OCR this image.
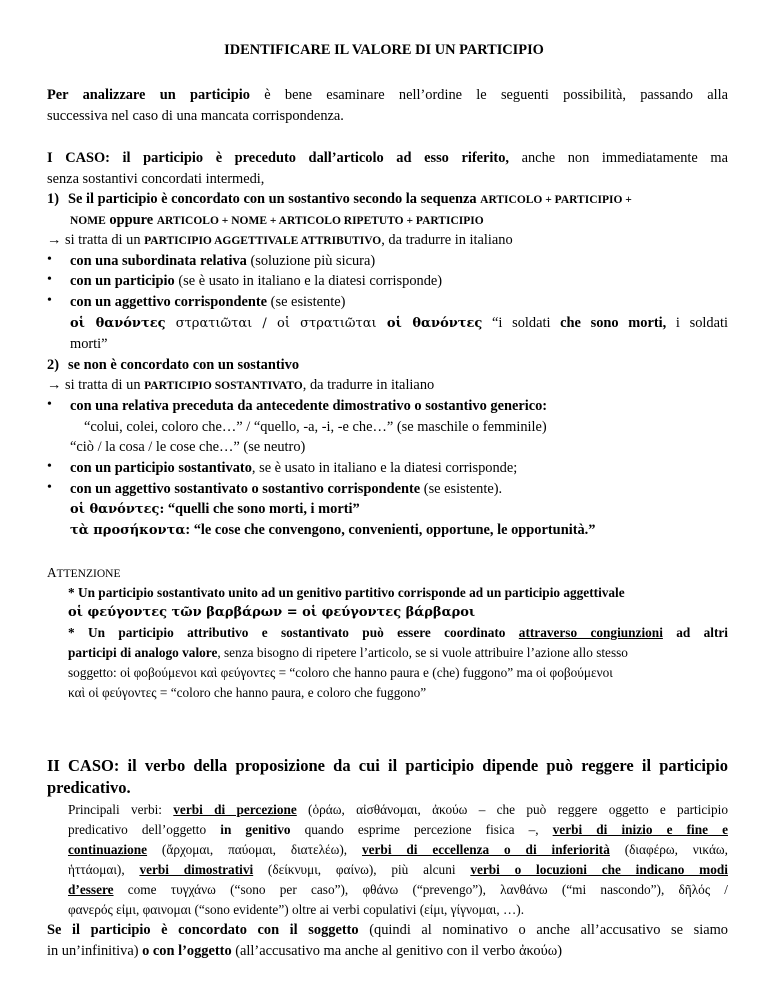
IDENTIFICARE IL VALORE DI UN PARTICIPIO
Per analizzare un participio è bene esaminare nell’ordine le seguenti possibilità, passando alla
successiva nel caso di una mancata corrispondenza.
I CASO: il participio è preceduto dall’articolo ad esso riferito, anche non immediatamente ma
senza sostantivi concordati intermedi,
1) Se il participio è concordato con un sostantivo secondo la sequenza ARTICOLO + PARTICIPIO +
NOME oppure ARTICOLO + NOME + ARTICOLO RIPETUTO + PARTICIPIO
→ si tratta di un PARTICIPIO AGGETTIVALE ATTRIBUTIVO, da tradurre in italiano
• con una subordinata relativa (soluzione più sicura)
• con un participio (se è usato in italiano e la diatesi corrisponde)
• con un aggettivo corrispondente (se esistente)
οἱ θανόντες στρατιῶται / οἱ στρατιῶται οἱ θανόντες “i soldati che sono morti, i soldati
morti”
2) se non è concordato con un sostantivo
→ si tratta di un PARTICIPIO SOSTANTIVATO, da tradurre in italiano
• con una relativa preceduta da antecedente dimostrativo o sostantivo generico:
“colui, colei, coloro che…” / “quello, -a, -i, -e che…” (se maschile o femminile)
“ciò / la cosa / le cose che…” (se neutro)
• con un participio sostantivato, se è usato in italiano e la diatesi corrisponde;
• con un aggettivo sostantivato o sostantivo corrispondente (se esistente).
οἱ θανόντες: “quelli che sono morti, i morti”
τὰ προσήκοντα: “le cose che convengono, convenienti, opportune, le opportunità.”
ATTENZIONE
* Un participio sostantivato unito ad un genitivo partitivo corrisponde ad un participio aggettivale
οἱ φεύγοντες τῶν βαρβάρων = οἱ φεύγοντες βάρβαροι
* Un participio attributivo e sostantivato può essere coordinato attraverso congiunzioni ad altri
participi di analogo valore, senza bisogno di ripetere l’articolo, se si vuole attribuire l’azione allo stesso
soggetto: οἱ φοβούμενοι καὶ φεύγοντες = “coloro che hanno paura e (che) fuggono” ma οἱ φοβούμενοι
καὶ οἱ φεύγοντες = “coloro che hanno paura, e coloro che fuggono”
II CASO: il verbo della proposizione da cui il participio dipende può reggere il participio
predicativo.
Principali verbi: verbi di percezione (ὁράω, αἰσθάνομαι, ἀκούω – che può reggere oggetto e participio
predicativo dell’oggetto in genitivo quando esprime percezione fisica –, verbi di inizio e fine e
continuazione (ἄρχομαι, παύομαι, διατελέω), verbi di eccellenza o di inferiorità (διαφέρω, νικάω,
ἡττάομαι), verbi dimostrativi (δείκνυμι, φαίνω), più alcuni verbi o locuzioni che indicano modi
d’essere come τυγχάνω (“sono per caso”), φθάνω (“prevengo”), λανθάνω (“mi nascondo”), δῆλός /
φανερός εἰμι, φαινομαι (“sono evidente”) oltre ai verbi copulativi (εἰμι, γίγνομαι, …).
Se il participio è concordato con il soggetto (quindi al nominativo o anche all’accusativo se siamo
in un’infinitiva) o con l’oggetto (all’accusativo ma anche al genitivo con il verbo ἀκούω)
